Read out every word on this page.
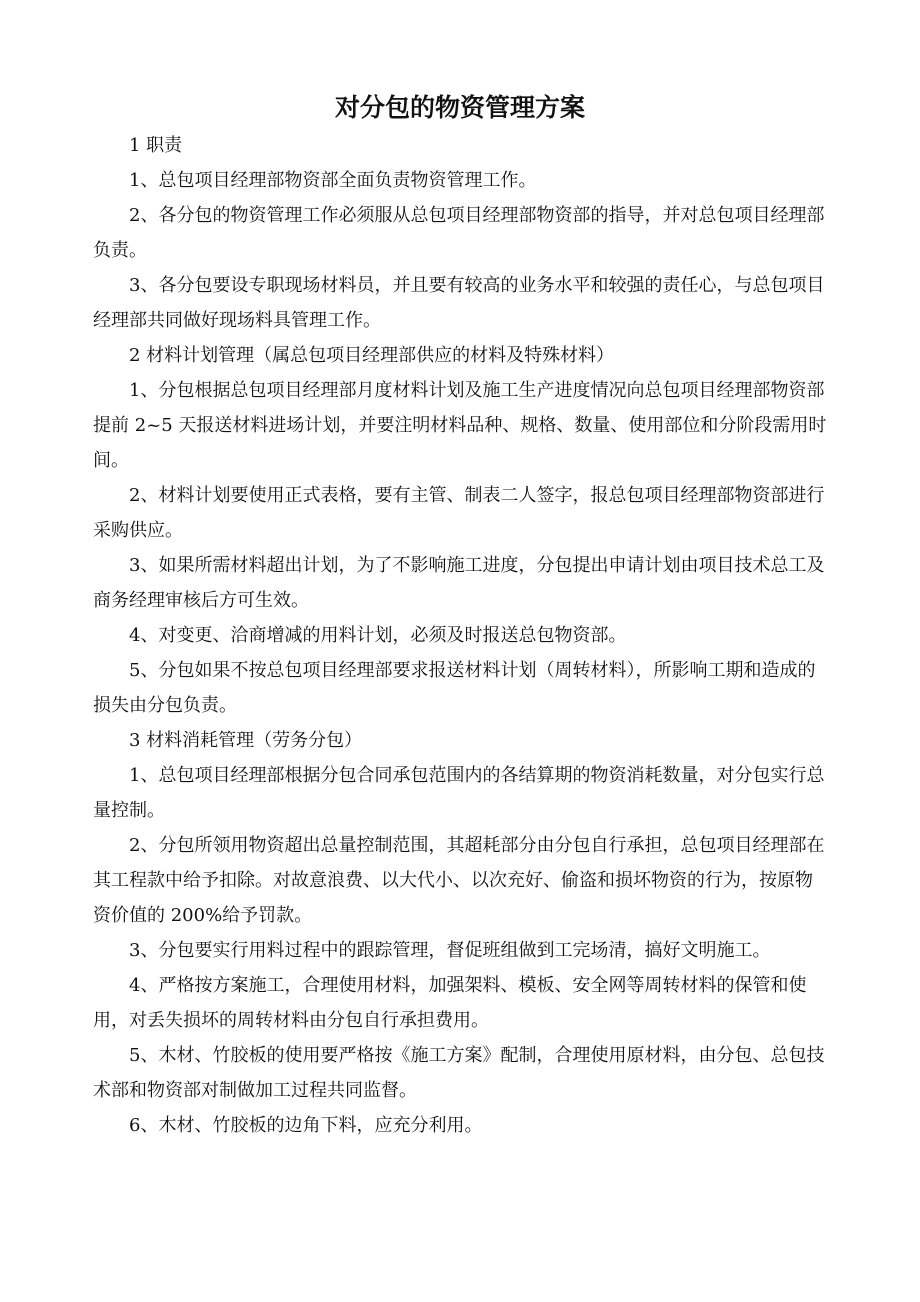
对分包的物资管理方案

1 职责

1、总包项目经理部物资部全面负责物资管理工作。

2、各分包的物资管理工作必须服从总包项目经理部物资部的指导，并对总包项目经理部负责。

3、各分包要设专职现场材料员，并且要有较高的业务水平和较强的责任心，与总包项目经理部共同做好现场料具管理工作。

2 材料计划管理（属总包项目经理部供应的材料及特殊材料）

1、分包根据总包项目经理部月度材料计划及施工生产进度情况向总包项目经理部物资部提前 2~5 天报送材料进场计划，并要注明材料品种、规格、数量、使用部位和分阶段需用时间。

2、材料计划要使用正式表格，要有主管、制表二人签字，报总包项目经理部物资部进行采购供应。

3、如果所需材料超出计划，为了不影响施工进度，分包提出申请计划由项目技术总工及商务经理审核后方可生效。

4、对变更、洽商增减的用料计划，必须及时报送总包物资部。

5、分包如果不按总包项目经理部要求报送材料计划（周转材料），所影响工期和造成的损失由分包负责。

3 材料消耗管理（劳务分包）

1、总包项目经理部根据分包合同承包范围内的各结算期的物资消耗数量，对分包实行总量控制。

2、分包所领用物资超出总量控制范围，其超耗部分由分包自行承担，总包项目经理部在其工程款中给予扣除。对故意浪费、以大代小、以次充好、偷盗和损坏物资的行为，按原物资价值的 200%给予罚款。

3、分包要实行用料过程中的跟踪管理，督促班组做到工完场清，搞好文明施工。

4、严格按方案施工，合理使用材料，加强架料、模板、安全网等周转材料的保管和使用，对丢失损坏的周转材料由分包自行承担费用。

5、木材、竹胶板的使用要严格按《施工方案》配制，合理使用原材料，由分包、总包技术部和物资部对制做加工过程共同监督。

6、木材、竹胶板的边角下料，应充分利用。
